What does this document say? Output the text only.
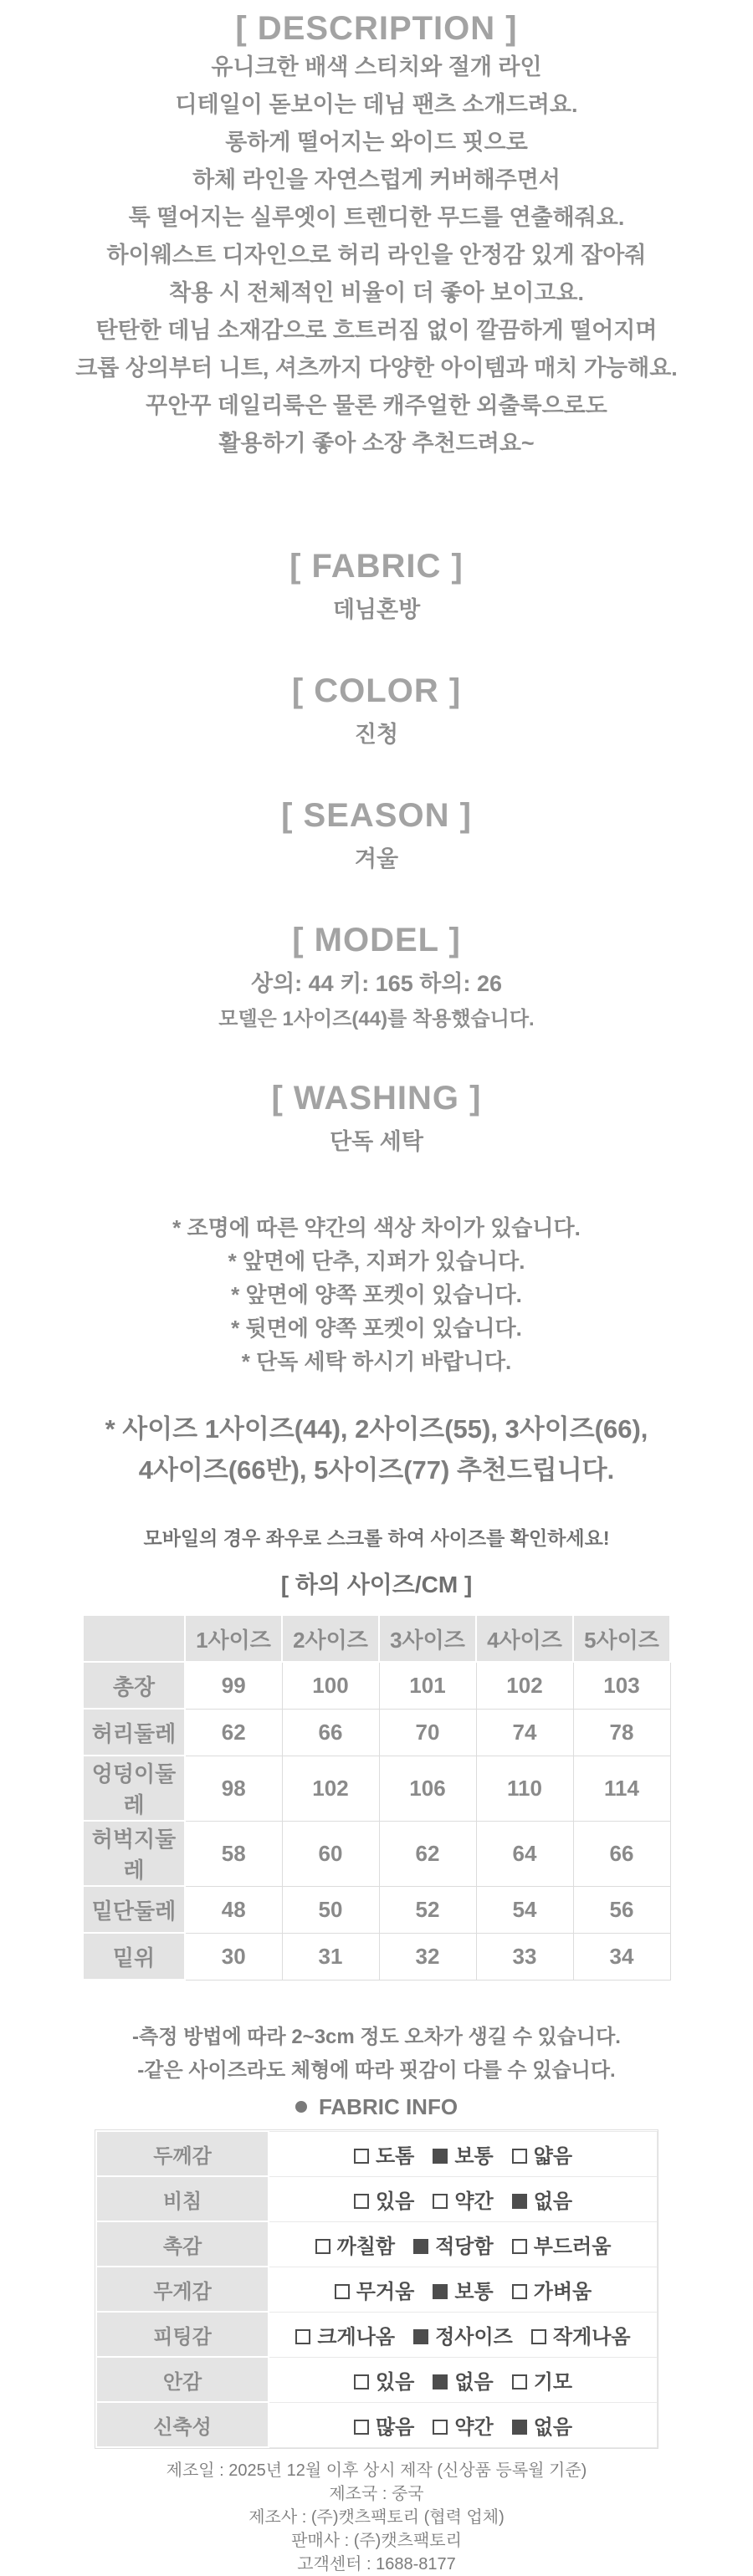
[ DESCRIPTION ]
유니크한 배색 스티치와 절개 라인
디테일이 돋보이는 데님 팬츠 소개드려요.
롱하게 떨어지는 와이드 핏으로
하체 라인을 자연스럽게 커버해주면서
툭 떨어지는 실루엣이 트렌디한 무드를 연출해줘요.
하이웨스트 디자인으로 허리 라인을 안정감 있게 잡아줘
착용 시 전체적인 비율이 더 좋아 보이고요.
탄탄한 데님 소재감으로 흐트러짐 없이 깔끔하게 떨어지며
크롭 상의부터 니트, 셔츠까지 다양한 아이템과 매치 가능해요.
꾸안꾸 데일리룩은 물론 캐주얼한 외출룩으로도
활용하기 좋아 소장 추천드려요~
[ FABRIC ]
데님혼방
[ COLOR ]
진청
[ SEASON ]
겨울
[ MODEL ]
상의: 44 키: 165 하의: 26
모델은 1사이즈(44)를 착용했습니다.
[ WASHING ]
단독 세탁
* 조명에 따른 약간의 색상 차이가 있습니다.
* 앞면에 단추, 지퍼가 있습니다.
* 앞면에 양쪽 포켓이 있습니다.
* 뒷면에 양쪽 포켓이 있습니다.
* 단독 세탁 하시기 바랍니다.
* 사이즈 1사이즈(44), 2사이즈(55), 3사이즈(66),
4사이즈(66반), 5사이즈(77) 추천드립니다.

모바일의 경우 좌우로 스크롤 하여 사이즈를 확인하세요!

[ 하의 사이즈/CM ]
	1사이즈	2사이즈	3사이즈	4사이즈	5사이즈
총장	99	100	101	102	103
허리둘레	62	66	70	74	78
엉덩이둘레	98	102	106	110	114
허벅지둘레	58	60	62	64	66
밑단둘레	48	50	52	54	56
밑위	30	31	32	33	34
-측정 방법에 따라 2~3cm 정도 오차가 생길 수 있습니다.
-같은 사이즈라도 체형에 따라 핏감이 다를 수 있습니다.
FABRIC INFO
두께감	도톰 보통 얇음
비침	있음 약간 없음
촉감	까칠함 적당함 부드러움
무게감	무거움 보통 가벼움
피팅감	크게나옴 정사이즈 작게나옴
안감	있음 없음 기모
신축성	많음 약간 없음
제조일 : 2025년 12월 이후 상시 제작 (신상품 등록월 기준)
제조국 : 중국
제조사 : (주)캣츠팩토리 (협력 업체)
판매사 : (주)캣츠팩토리
고객센터 : 1688-8177
